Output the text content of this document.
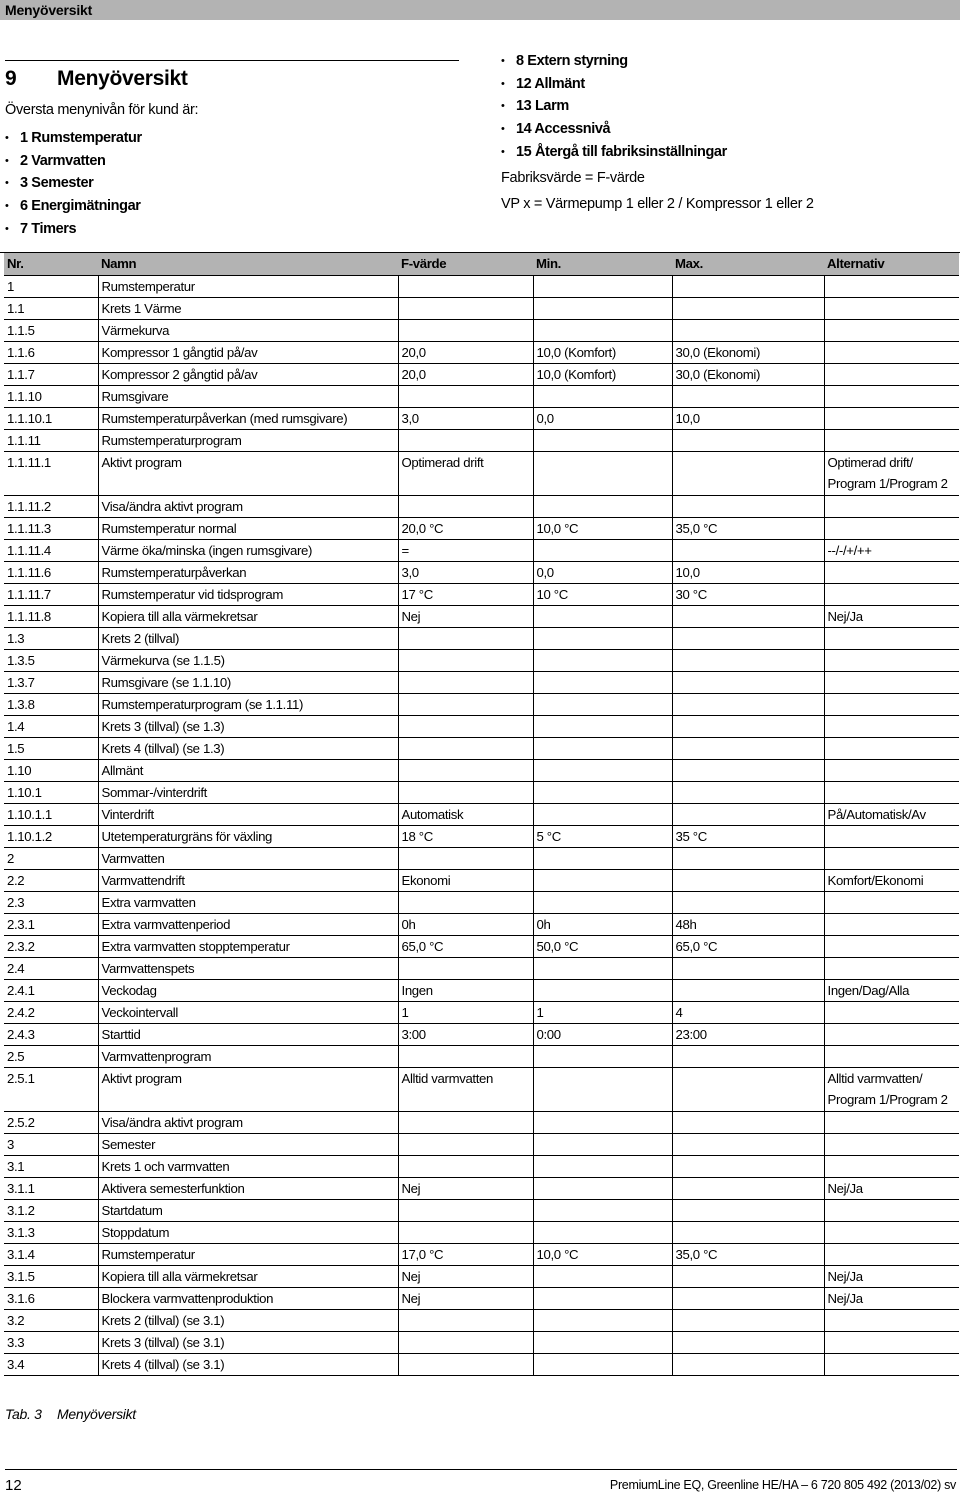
Menyöversikt
9 Menyöversikt
Översta menynivån för kund är:
• 1 Rumstemperatur
• 2 Varmvatten
• 3 Semester
• 6 Energimätningar
• 7 Timers
• 8 Extern styrning
• 12 Allmänt
• 13 Larm
• 14 Accessnivå
• 15 Återgå till fabriksinställningar
Fabriksvärde = F-värde
VP x = Värmepump 1 eller 2 / Kompressor 1 eller 2
Nr.	Namn	F-värde	Min.	Max.	Alternativ
1	Rumstemperatur				
1.1	Krets 1 Värme				
1.1.5	Värmekurva				
1.1.6	Kompressor 1 gångtid på/av	20,0	10,0 (Komfort)	30,0 (Ekonomi)	
1.1.7	Kompressor 2 gångtid på/av	20,0	10,0 (Komfort)	30,0 (Ekonomi)	
1.1.10	Rumsgivare				
1.1.10.1	Rumstemperaturpåverkan (med rumsgivare)	3,0	0,0	10,0	
1.1.11	Rumstemperaturprogram				
1.1.11.1	Aktivt program	Optimerad drift			Optimerad drift/ Program 1/Program 2
1.1.11.2	Visa/ändra aktivt program				
1.1.11.3	Rumstemperatur normal	20,0 °C	10,0 °C	35,0 °C	
1.1.11.4	Värme öka/minska (ingen rumsgivare)	=			--/-/+/++
1.1.11.6	Rumstemperaturpåverkan	3,0	0,0	10,0	
1.1.11.7	Rumstemperatur vid tidsprogram	17 °C	10 °C	30 °C	
1.1.11.8	Kopiera till alla värmekretsar	Nej			Nej/Ja
1.3	Krets 2 (tillval)				
1.3.5	Värmekurva (se 1.1.5)				
1.3.7	Rumsgivare (se 1.1.10)				
1.3.8	Rumstemperaturprogram (se 1.1.11)				
1.4	Krets 3 (tillval) (se 1.3)				
1.5	Krets 4 (tillval) (se 1.3)				
1.10	Allmänt				
1.10.1	Sommar-/vinterdrift				
1.10.1.1	Vinterdrift	Automatisk			På/Automatisk/Av
1.10.1.2	Utetemperaturgräns för växling	18 °C	5 °C	35 °C	
2	Varmvatten				
2.2	Varmvattendrift	Ekonomi			Komfort/Ekonomi
2.3	Extra varmvatten				
2.3.1	Extra varmvattenperiod	0h	0h	48h	
2.3.2	Extra varmvatten stopptemperatur	65,0 °C	50,0 °C	65,0 °C	
2.4	Varmvattenspets				
2.4.1	Veckodag	Ingen			Ingen/Dag/Alla
2.4.2	Veckointervall	1	1	4	
2.4.3	Starttid	3:00	0:00	23:00	
2.5	Varmvattenprogram				
2.5.1	Aktivt program	Alltid varmvatten			Alltid varmvatten/ Program 1/Program 2
2.5.2	Visa/ändra aktivt program				
3	Semester				
3.1	Krets 1 och varmvatten				
3.1.1	Aktivera semesterfunktion	Nej			Nej/Ja
3.1.2	Startdatum				
3.1.3	Stoppdatum				
3.1.4	Rumstemperatur	17,0 °C	10,0 °C	35,0 °C	
3.1.5	Kopiera till alla värmekretsar	Nej			Nej/Ja
3.1.6	Blockera varmvattenproduktion	Nej			Nej/Ja
3.2	Krets 2 (tillval) (se 3.1)				
3.3	Krets 3 (tillval) (se 3.1)				
3.4	Krets 4 (tillval) (se 3.1)				
Tab. 3 Menyöversikt
12	PremiumLine EQ, Greenline HE/HA – 6 720 805 492 (2013/02) sv
